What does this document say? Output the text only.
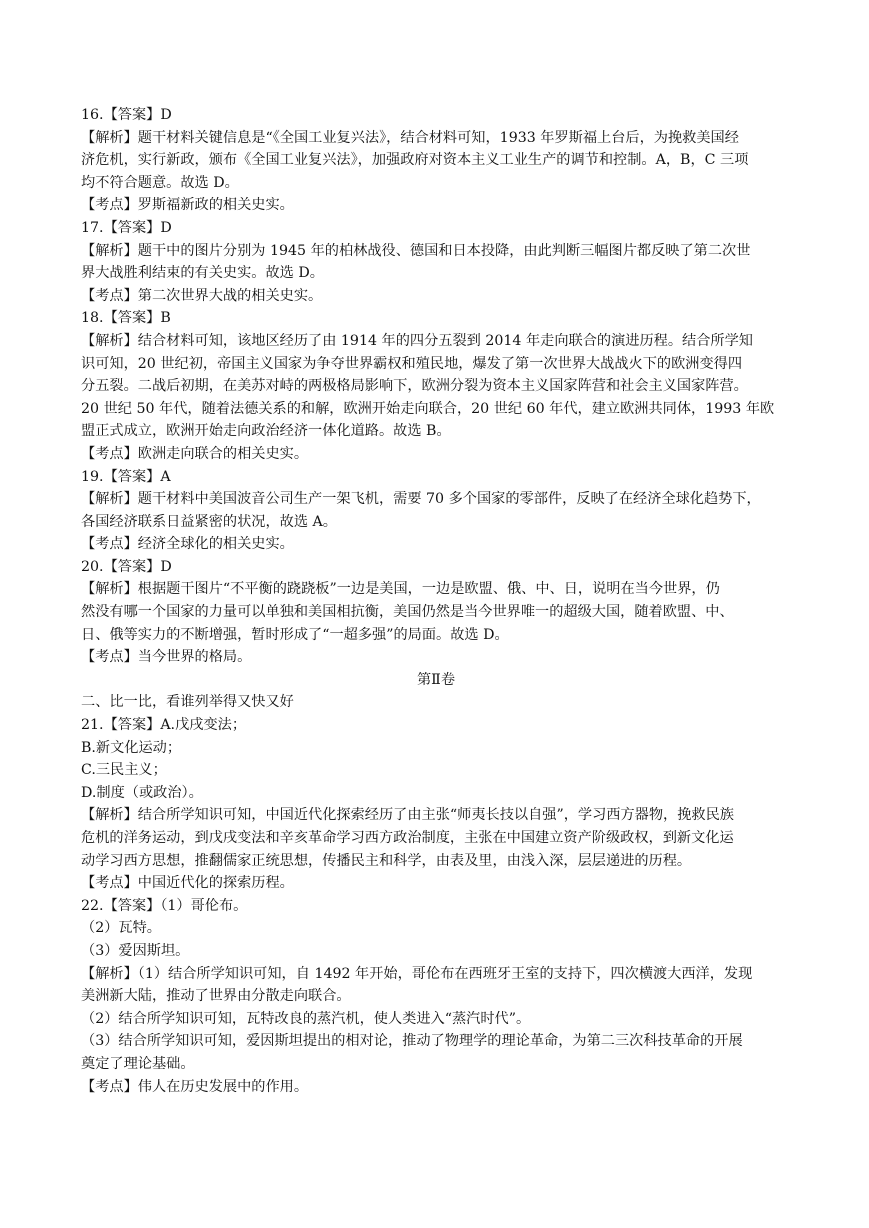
16.【答案】D
【解析】题干材料关键信息是“《全国工业复兴法》，结合材料可知，1933 年罗斯福上台后，为挽救美国经
济危机，实行新政，颁布《全国工业复兴法》，加强政府对资本主义工业生产的调节和控制。A，B，C 三项
均不符合题意。故选 D。
【考点】罗斯福新政的相关史实。
17.【答案】D
【解析】题干中的图片分别为 1945 年的柏林战役、德国和日本投降，由此判断三幅图片都反映了第二次世
界大战胜利结束的有关史实。故选 D。
【考点】第二次世界大战的相关史实。
18.【答案】B
【解析】结合材料可知，该地区经历了由 1914 年的四分五裂到 2014 年走向联合的演进历程。结合所学知
识可知，20 世纪初，帝国主义国家为争夺世界霸权和殖民地，爆发了第一次世界大战战火下的欧洲变得四
分五裂。二战后初期，在美苏对峙的两极格局影响下，欧洲分裂为资本主义国家阵营和社会主义国家阵营。
20 世纪 50 年代，随着法德关系的和解，欧洲开始走向联合，20 世纪 60 年代，建立欧洲共同体，1993 年欧
盟正式成立，欧洲开始走向政治经济一体化道路。故选 B。
【考点】欧洲走向联合的相关史实。
19.【答案】A
【解析】题干材料中美国波音公司生产一架飞机，需要 70 多个国家的零部件，反映了在经济全球化趋势下，
各国经济联系日益紧密的状况，故选 A。
【考点】经济全球化的相关史实。
20.【答案】D
【解析】根据题干图片“不平衡的跷跷板”一边是美国，一边是欧盟、俄、中、日，说明在当今世界，仍
然没有哪一个国家的力量可以单独和美国相抗衡，美国仍然是当今世界唯一的超级大国，随着欧盟、中、
日、俄等实力的不断增强，暂时形成了“一超多强”的局面。故选 D。
【考点】当今世界的格局。
第Ⅱ卷
二、比一比，看谁列举得又快又好
21.【答案】A.戊戌变法；
B.新文化运动；
C.三民主义；
D.制度（或政治）。
【解析】结合所学知识可知，中国近代化探索经历了由主张“师夷长技以自强”，学习西方器物，挽救民族
危机的洋务运动，到戊戌变法和辛亥革命学习西方政治制度，主张在中国建立资产阶级政权，到新文化运
动学习西方思想，推翻儒家正统思想，传播民主和科学，由表及里，由浅入深，层层递进的历程。
【考点】中国近代化的探索历程。
22.【答案】（1）哥伦布。
（2）瓦特。
（3）爱因斯坦。
【解析】（1）结合所学知识可知，自 1492 年开始，哥伦布在西班牙王室的支持下，四次横渡大西洋，发现
美洲新大陆，推动了世界由分散走向联合。
（2）结合所学知识可知，瓦特改良的蒸汽机，使人类进入“蒸汽时代”。
（3）结合所学知识可知，爱因斯坦提出的相对论，推动了物理学的理论革命，为第二三次科技革命的开展
奠定了理论基础。
【考点】伟人在历史发展中的作用。
